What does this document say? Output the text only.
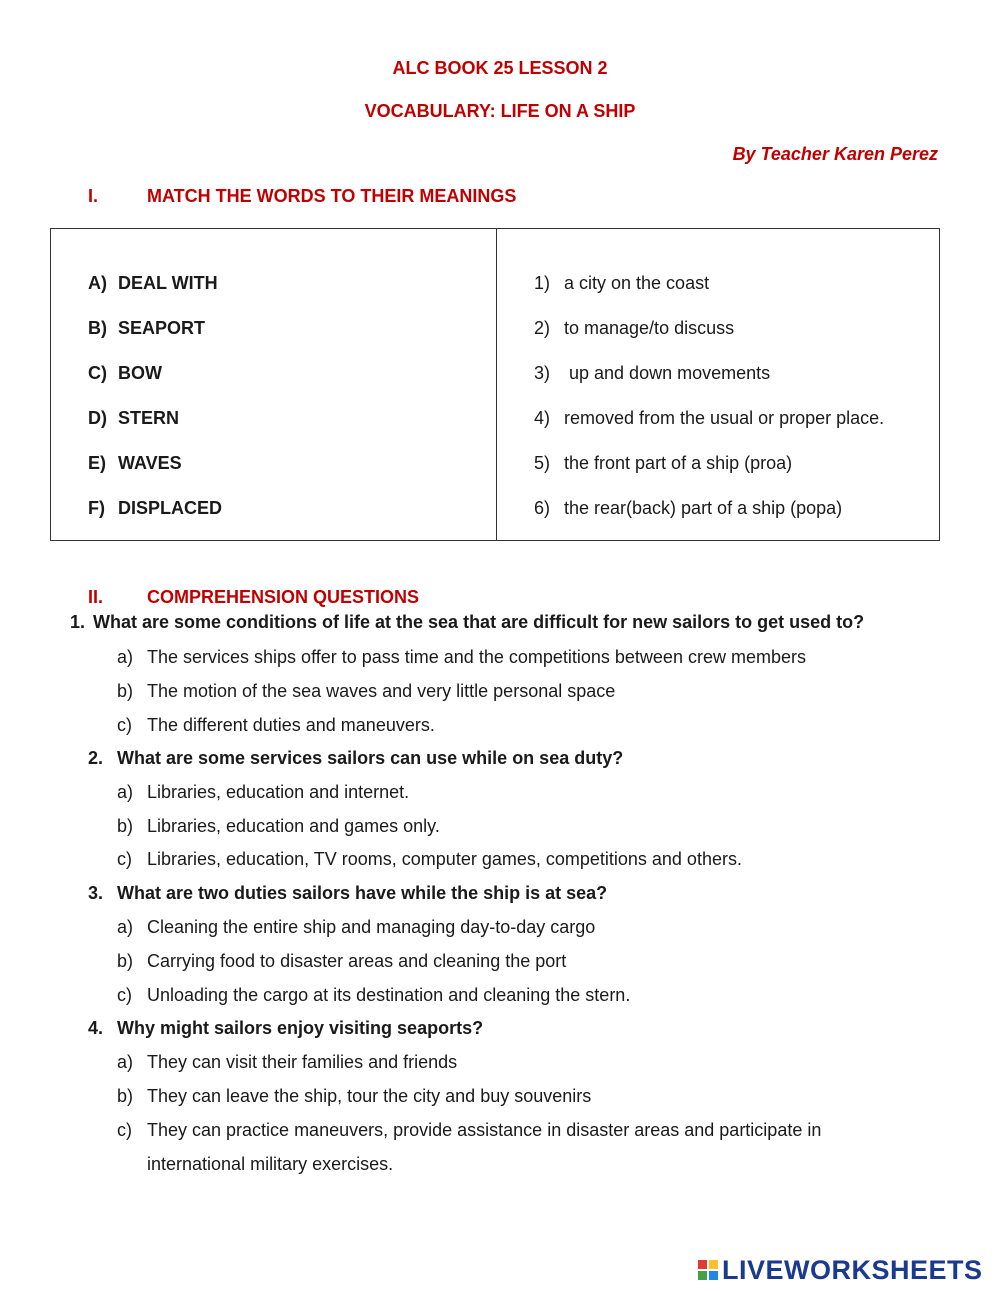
ALC BOOK 25 LESSON 2
VOCABULARY: LIFE ON A SHIP
By Teacher Karen Perez
I.	MATCH THE WORDS TO THEIR MEANINGS
A) DEAL WITH
B) SEAPORT
C) BOW
D) STERN
E) WAVES
F) DISPLACED
1) a city on the coast
2) to manage/to discuss
3) up and down movements
4) removed from the usual or proper place.
5) the front part of a ship (proa)
6) the rear(back) part of a ship (popa)
II. COMPREHENSION QUESTIONS
1. What are some conditions of life at the sea that are difficult for new sailors to get used to?
a) The services ships offer to pass time and the competitions between crew members
b) The motion of the sea waves and very little personal space
c) The different duties and maneuvers.
2. What are some services sailors can use while on sea duty?
a) Libraries, education and internet.
b) Libraries, education and games only.
c) Libraries, education, TV rooms, computer games, competitions and others.
3. What are two duties sailors have while the ship is at sea?
a) Cleaning the entire ship and managing day-to-day cargo
b) Carrying food to disaster areas and cleaning the port
c) Unloading the cargo at its destination and cleaning the stern.
4. Why might sailors enjoy visiting seaports?
a) They can visit their families and friends
b) They can leave the ship, tour the city and buy souvenirs
c) They can practice maneuvers, provide assistance in disaster areas and participate in international military exercises.
LIVEWORKSHEETS
